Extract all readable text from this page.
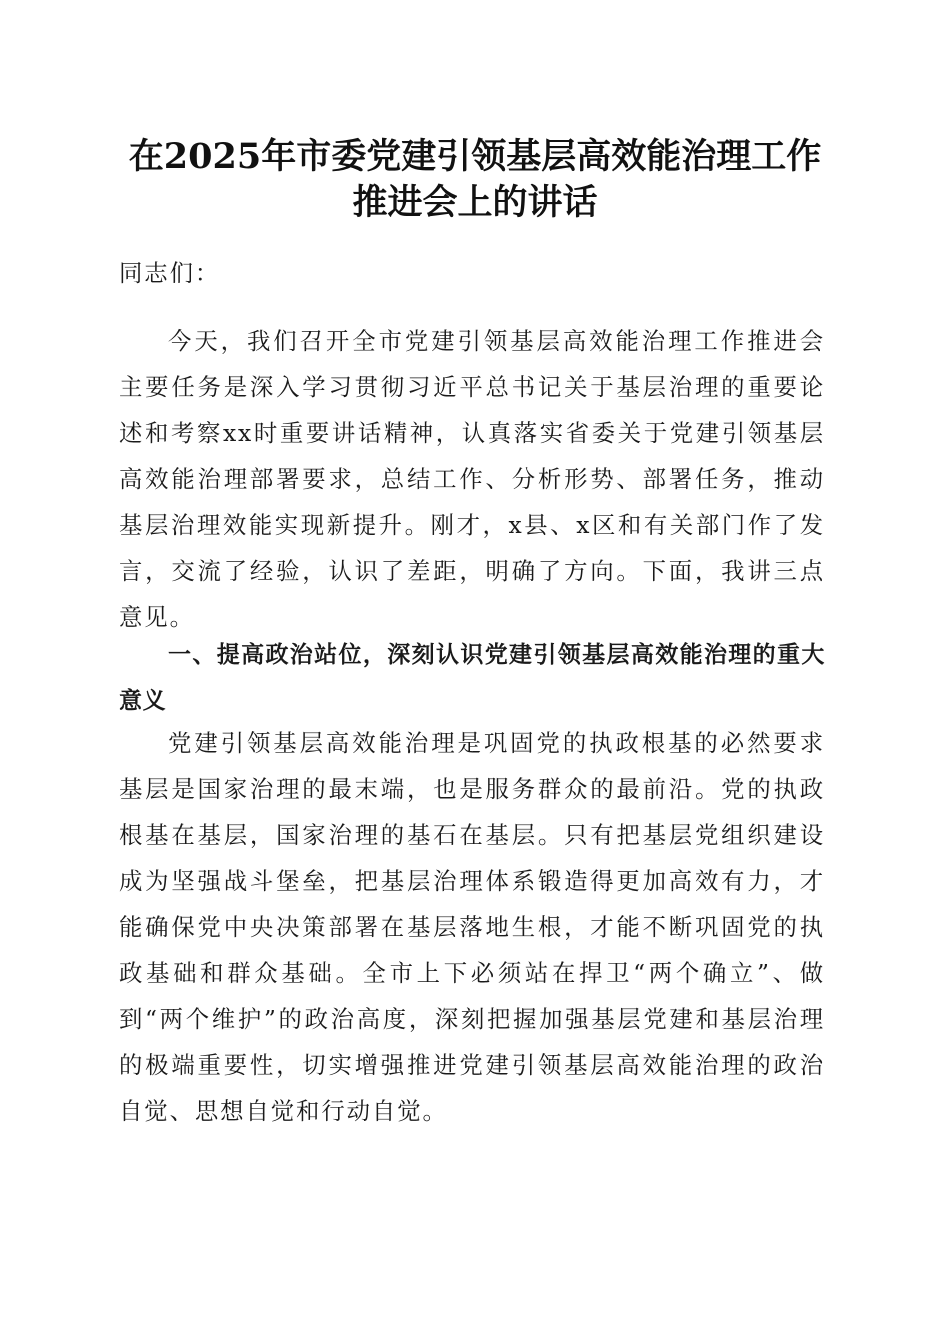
在2025年市委党建引领基层高效能治理工作
推进会上的讲话

同志们：

今天，我们召开全市党建引领基层高效能治理工作推进会主要任务是深入学习贯彻习近平总书记关于基层治理的重要论述和考察xx时重要讲话精神，认真落实省委关于党建引领基层高效能治理部署要求，总结工作、分析形势、部署任务，推动基层治理效能实现新提升。刚才，x县、x区和有关部门作了发言，交流了经验，认识了差距，明确了方向。下面，我讲三点意见。

一、提高政治站位，深刻认识党建引领基层高效能治理的重大意义

党建引领基层高效能治理是巩固党的执政根基的必然要求基层是国家治理的最末端，也是服务群众的最前沿。党的执政根基在基层，国家治理的基石在基层。只有把基层党组织建设成为坚强战斗堡垒，把基层治理体系锻造得更加高效有力，才能确保党中央决策部署在基层落地生根，才能不断巩固党的执政基础和群众基础。全市上下必须站在捍卫“两个确立”、做到“两个维护”的政治高度，深刻把握加强基层党建和基层治理的极端重要性，切实增强推进党建引领基层高效能治理的政治自觉、思想自觉和行动自觉。
